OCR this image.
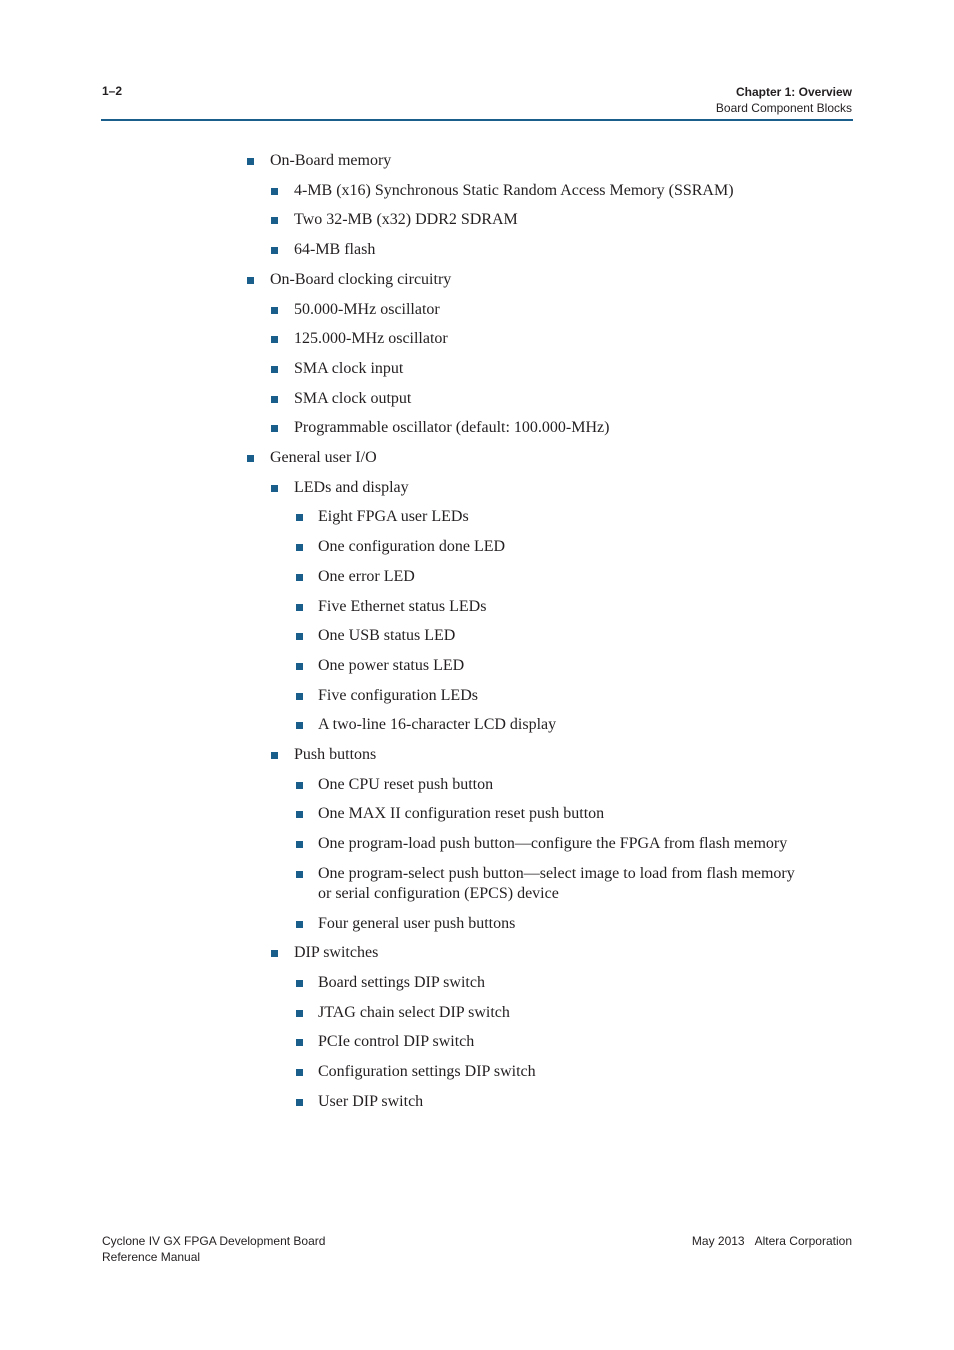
1–2	Chapter 1: Overview
Board Component Blocks
On-Board memory
4-MB (x16) Synchronous Static Random Access Memory (SSRAM)
Two 32-MB (x32) DDR2 SDRAM
64-MB flash
On-Board clocking circuitry
50.000-MHz oscillator
125.000-MHz oscillator
SMA clock input
SMA clock output
Programmable oscillator (default: 100.000-MHz)
General user I/O
LEDs and display
Eight FPGA user LEDs
One configuration done LED
One error LED
Five Ethernet status LEDs
One USB status LED
One power status LED
Five configuration LEDs
A two-line 16-character LCD display
Push buttons
One CPU reset push button
One MAX II configuration reset push button
One program-load push button—configure the FPGA from flash memory
One program-select push button—select image to load from flash memory
or serial configuration (EPCS) device
Four general user push buttons
DIP switches
Board settings DIP switch
JTAG chain select DIP switch
PCIe control DIP switch
Configuration settings DIP switch
User DIP switch
Cyclone IV GX FPGA Development Board
Reference Manual
May 2013 Altera Corporation
